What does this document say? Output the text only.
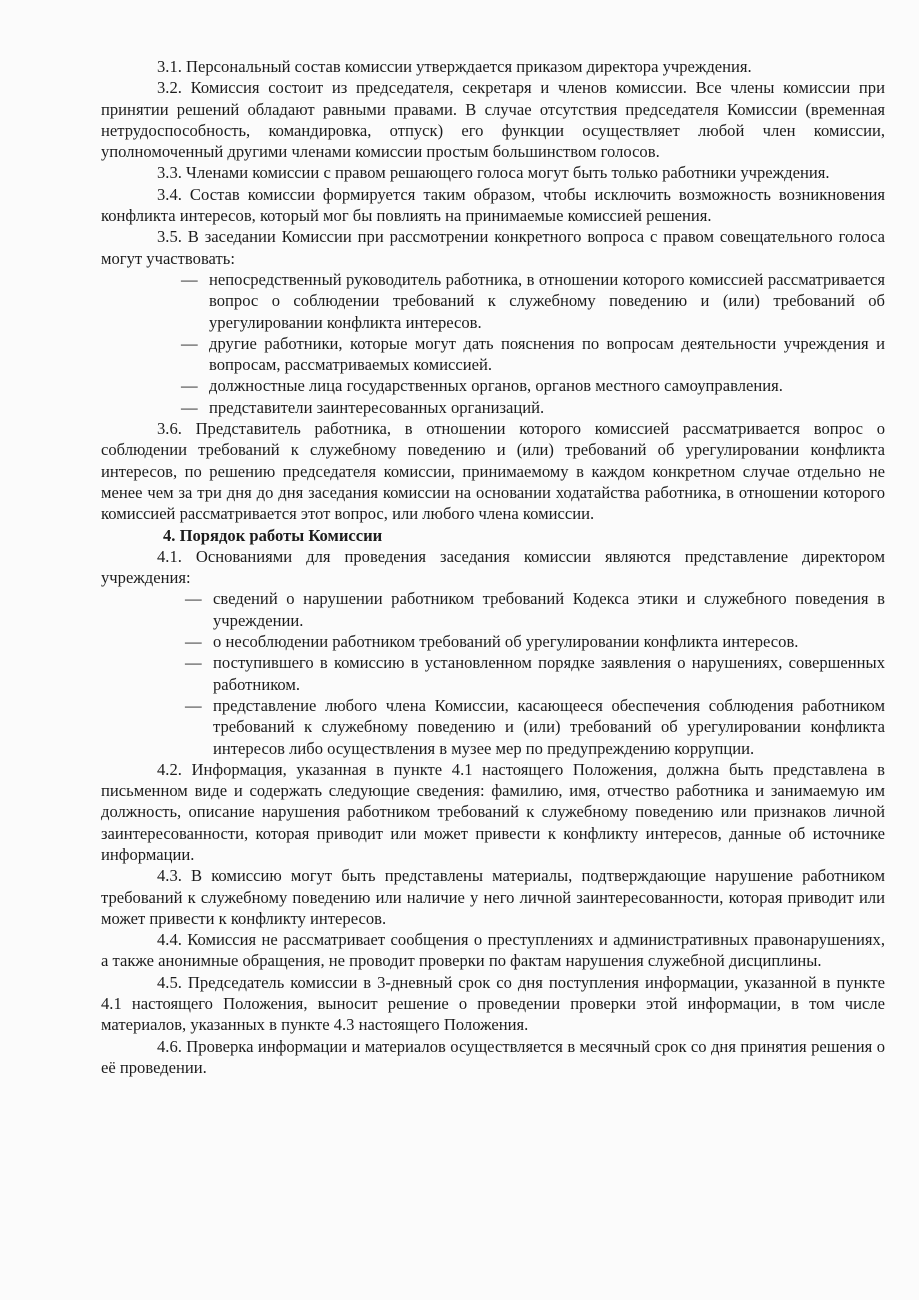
3.1. Персональный состав комиссии утверждается приказом директора учреждения.

3.2. Комиссия состоит из председателя, секретаря и членов комиссии. Все члены комиссии при принятии решений обладают равными правами. В случае отсутствия председателя Комиссии (временная нетрудоспособность, командировка, отпуск) его функции осуществляет любой член комиссии, уполномоченный другими членами комиссии простым большинством голосов.

3.3. Членами комиссии с правом решающего голоса могут быть только работники учреждения.

3.4. Состав комиссии формируется таким образом, чтобы исключить возможность возникновения конфликта интересов, который мог бы повлиять на принимаемые комиссией решения.

3.5. В заседании Комиссии при рассмотрении конкретного вопроса с правом совещательного голоса могут участвовать:

— непосредственный руководитель работника, в отношении которого комиссией рассматривается вопрос о соблюдении требований к служебному поведению и (или) требований об урегулировании конфликта интересов.
— другие работники, которые могут дать пояснения по вопросам деятельности учреждения и вопросам, рассматриваемых комиссией.
— должностные лица государственных органов, органов местного самоуправления.
— представители заинтересованных организаций.

3.6. Представитель работника, в отношении которого комиссией рассматривается вопрос о соблюдении требований к служебному поведению и (или) требований об урегулировании конфликта интересов, по решению председателя комиссии, принимаемому в каждом конкретном случае отдельно не менее чем за три дня до дня заседания комиссии на основании ходатайства работника, в отношении которого комиссией рассматривается этот вопрос, или любого члена комиссии.

4. Порядок работы Комиссии

4.1. Основаниями для проведения заседания комиссии являются представление директором учреждения:

— сведений о нарушении работником требований Кодекса этики и служебного поведения в учреждении.
— о несоблюдении работником требований об урегулировании конфликта интересов.
— поступившего в комиссию в установленном порядке заявления о нарушениях, совершенных работником.
— представление любого члена Комиссии, касающееся обеспечения соблюдения работником требований к служебному поведению и (или) требований об урегулировании конфликта интересов либо осуществления в музее мер по предупреждению коррупции.

4.2. Информация, указанная в пункте 4.1 настоящего Положения, должна быть представлена в письменном виде и содержать следующие сведения: фамилию, имя, отчество работника и занимаемую им должность, описание нарушения работником требований к служебному поведению или признаков личной заинтересованности, которая приводит или может привести к конфликту интересов, данные об источнике информации.

4.3. В комиссию могут быть представлены материалы, подтверждающие нарушение работником требований к служебному поведению или наличие у него личной заинтересованности, которая приводит или может привести к конфликту интересов.

4.4. Комиссия не рассматривает сообщения о преступлениях и административных правонарушениях, а также анонимные обращения, не проводит проверки по фактам нарушения служебной дисциплины.

4.5. Председатель комиссии в 3-дневный срок со дня поступления информации, указанной в пункте 4.1 настоящего Положения, выносит решение о проведении проверки этой информации, в том числе материалов, указанных в пункте 4.3 настоящего Положения.

4.6. Проверка информации и материалов осуществляется в месячный срок со дня принятия решения о её проведении.
